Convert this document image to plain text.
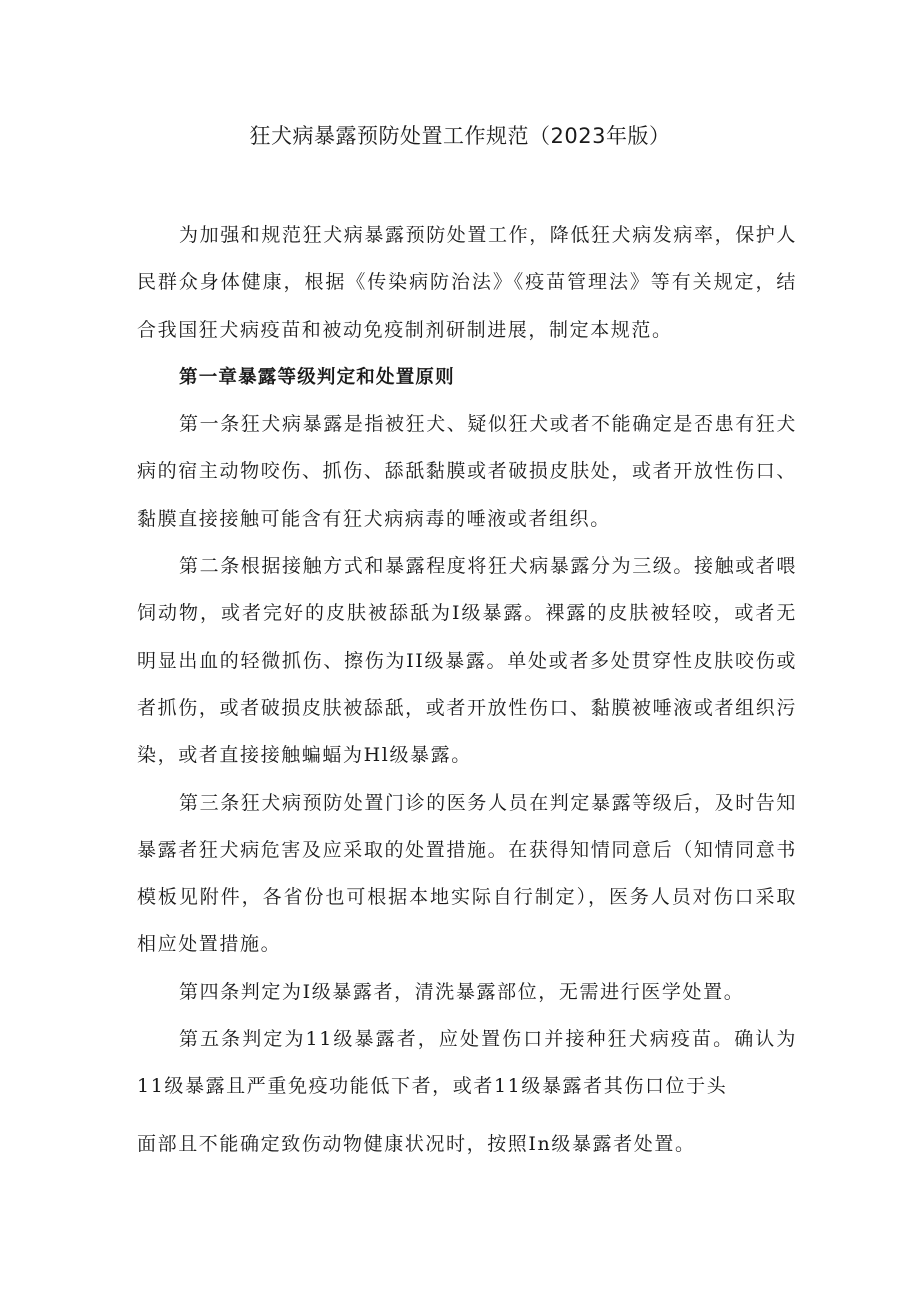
狂犬病暴露预防处置工作规范（2023年版）

为加强和规范狂犬病暴露预防处置工作，降低狂犬病发病率，保护人民群众身体健康，根据《传染病防治法》《疫苗管理法》等有关规定，结合我国狂犬病疫苗和被动免疫制剂研制进展，制定本规范。

第一章暴露等级判定和处置原则

第一条狂犬病暴露是指被狂犬、疑似狂犬或者不能确定是否患有狂犬病的宿主动物咬伤、抓伤、舔舐黏膜或者破损皮肤处，或者开放性伤口、黏膜直接接触可能含有狂犬病病毒的唾液或者组织。

第二条根据接触方式和暴露程度将狂犬病暴露分为三级。接触或者喂饲动物，或者完好的皮肤被舔舐为I级暴露。裸露的皮肤被轻咬，或者无明显出血的轻微抓伤、擦伤为II级暴露。单处或者多处贯穿性皮肤咬伤或者抓伤，或者破损皮肤被舔舐，或者开放性伤口、黏膜被唾液或者组织污染，或者直接接触蝙蝠为Hl级暴露。

第三条狂犬病预防处置门诊的医务人员在判定暴露等级后，及时告知暴露者狂犬病危害及应采取的处置措施。在获得知情同意后（知情同意书模板见附件，各省份也可根据本地实际自行制定），医务人员对伤口采取相应处置措施。

第四条判定为I级暴露者，清洗暴露部位，无需进行医学处置。

第五条判定为11级暴露者，应处置伤口并接种狂犬病疫苗。确认为11级暴露且严重免疫功能低下者，或者11级暴露者其伤口位于头

面部且不能确定致伤动物健康状况时，按照In级暴露者处置。
